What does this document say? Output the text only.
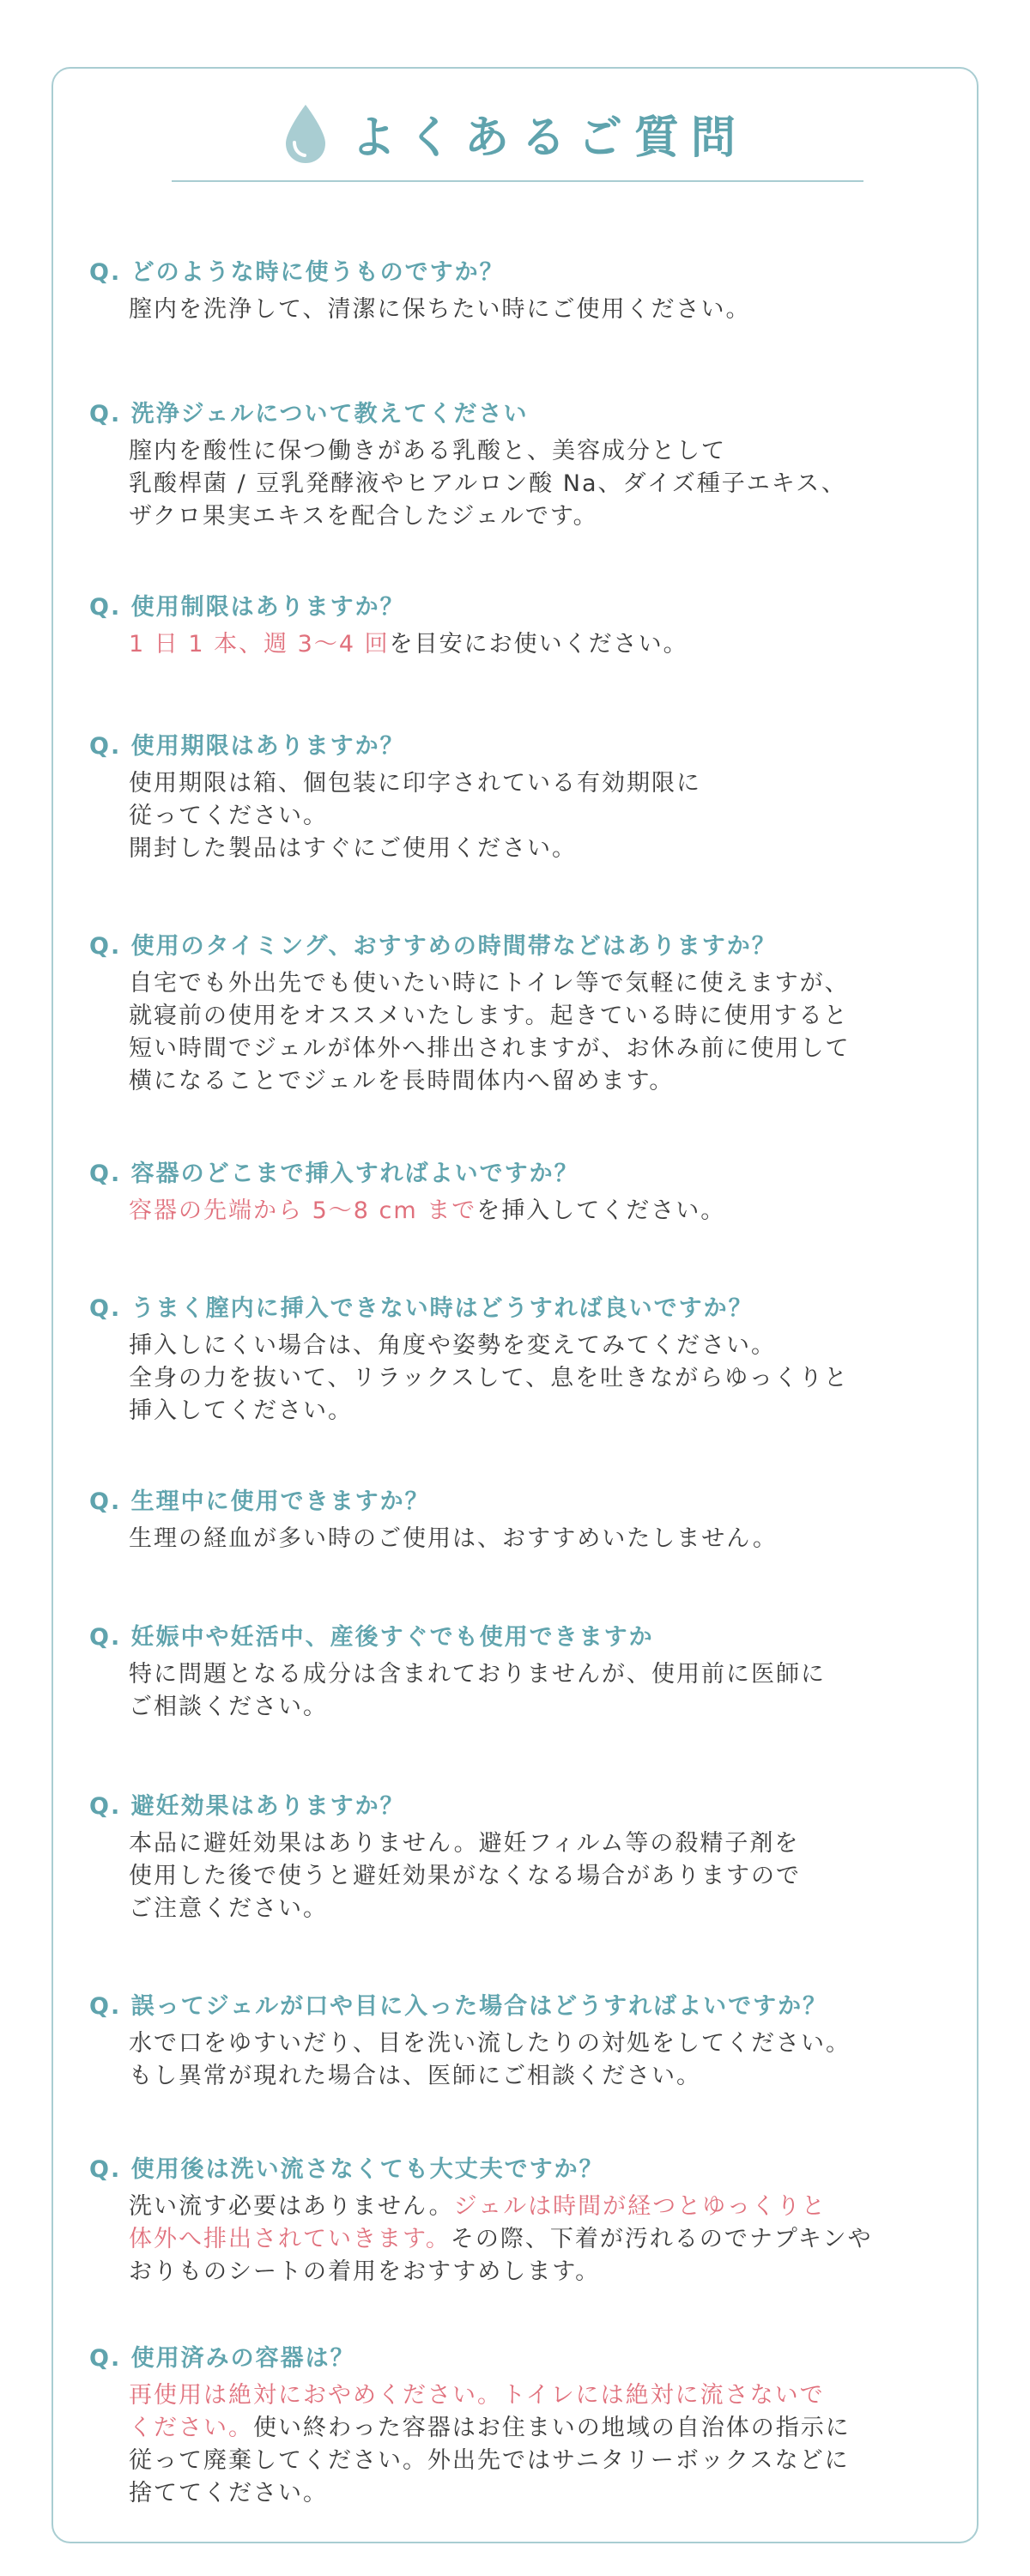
よくあるご質問
Q. どのような時に使うものですか？
膣内を洗浄して、清潔に保ちたい時にご使用ください。
Q. 洗浄ジェルについて教えてください
膣内を酸性に保つ働きがある乳酸と、美容成分として
乳酸桿菌 / 豆乳発酵液やヒアルロン酸 Na、ダイズ種子エキス、
ザクロ果実エキスを配合したジェルです。
Q. 使用制限はありますか？
1 日 1 本、週 3〜4 回を目安にお使いください。
Q. 使用期限はありますか？
使用期限は箱、個包装に印字されている有効期限に
従ってください。
開封した製品はすぐにご使用ください。
Q. 使用のタイミング、おすすめの時間帯などはありますか？
自宅でも外出先でも使いたい時にトイレ等で気軽に使えますが、
就寝前の使用をオススメいたします。起きている時に使用すると
短い時間でジェルが体外へ排出されますが、お休み前に使用して
横になることでジェルを長時間体内へ留めます。
Q. 容器のどこまで挿入すればよいですか？
容器の先端から 5〜8 cm までを挿入してください。
Q. うまく膣内に挿入できない時はどうすれば良いですか？
挿入しにくい場合は、角度や姿勢を変えてみてください。
全身の力を抜いて、リラックスして、息を吐きながらゆっくりと
挿入してください。
Q. 生理中に使用できますか？
生理の経血が多い時のご使用は、おすすめいたしません。
Q. 妊娠中や妊活中、産後すぐでも使用できますか
特に問題となる成分は含まれておりませんが、使用前に医師に
ご相談ください。
Q. 避妊効果はありますか？
本品に避妊効果はありません。避妊フィルム等の殺精子剤を
使用した後で使うと避妊効果がなくなる場合がありますので
ご注意ください。
Q. 誤ってジェルが口や目に入った場合はどうすればよいですか？
水で口をゆすいだり、目を洗い流したりの対処をしてください。
もし異常が現れた場合は、医師にご相談ください。
Q. 使用後は洗い流さなくても大丈夫ですか？
洗い流す必要はありません。ジェルは時間が経つとゆっくりと
体外へ排出されていきます。その際、下着が汚れるのでナプキンや
おりものシートの着用をおすすめします。
Q. 使用済みの容器は？
再使用は絶対におやめください。トイレには絶対に流さないで
ください。使い終わった容器はお住まいの地域の自治体の指示に
従って廃棄してください。外出先ではサニタリーボックスなどに
捨ててください。
